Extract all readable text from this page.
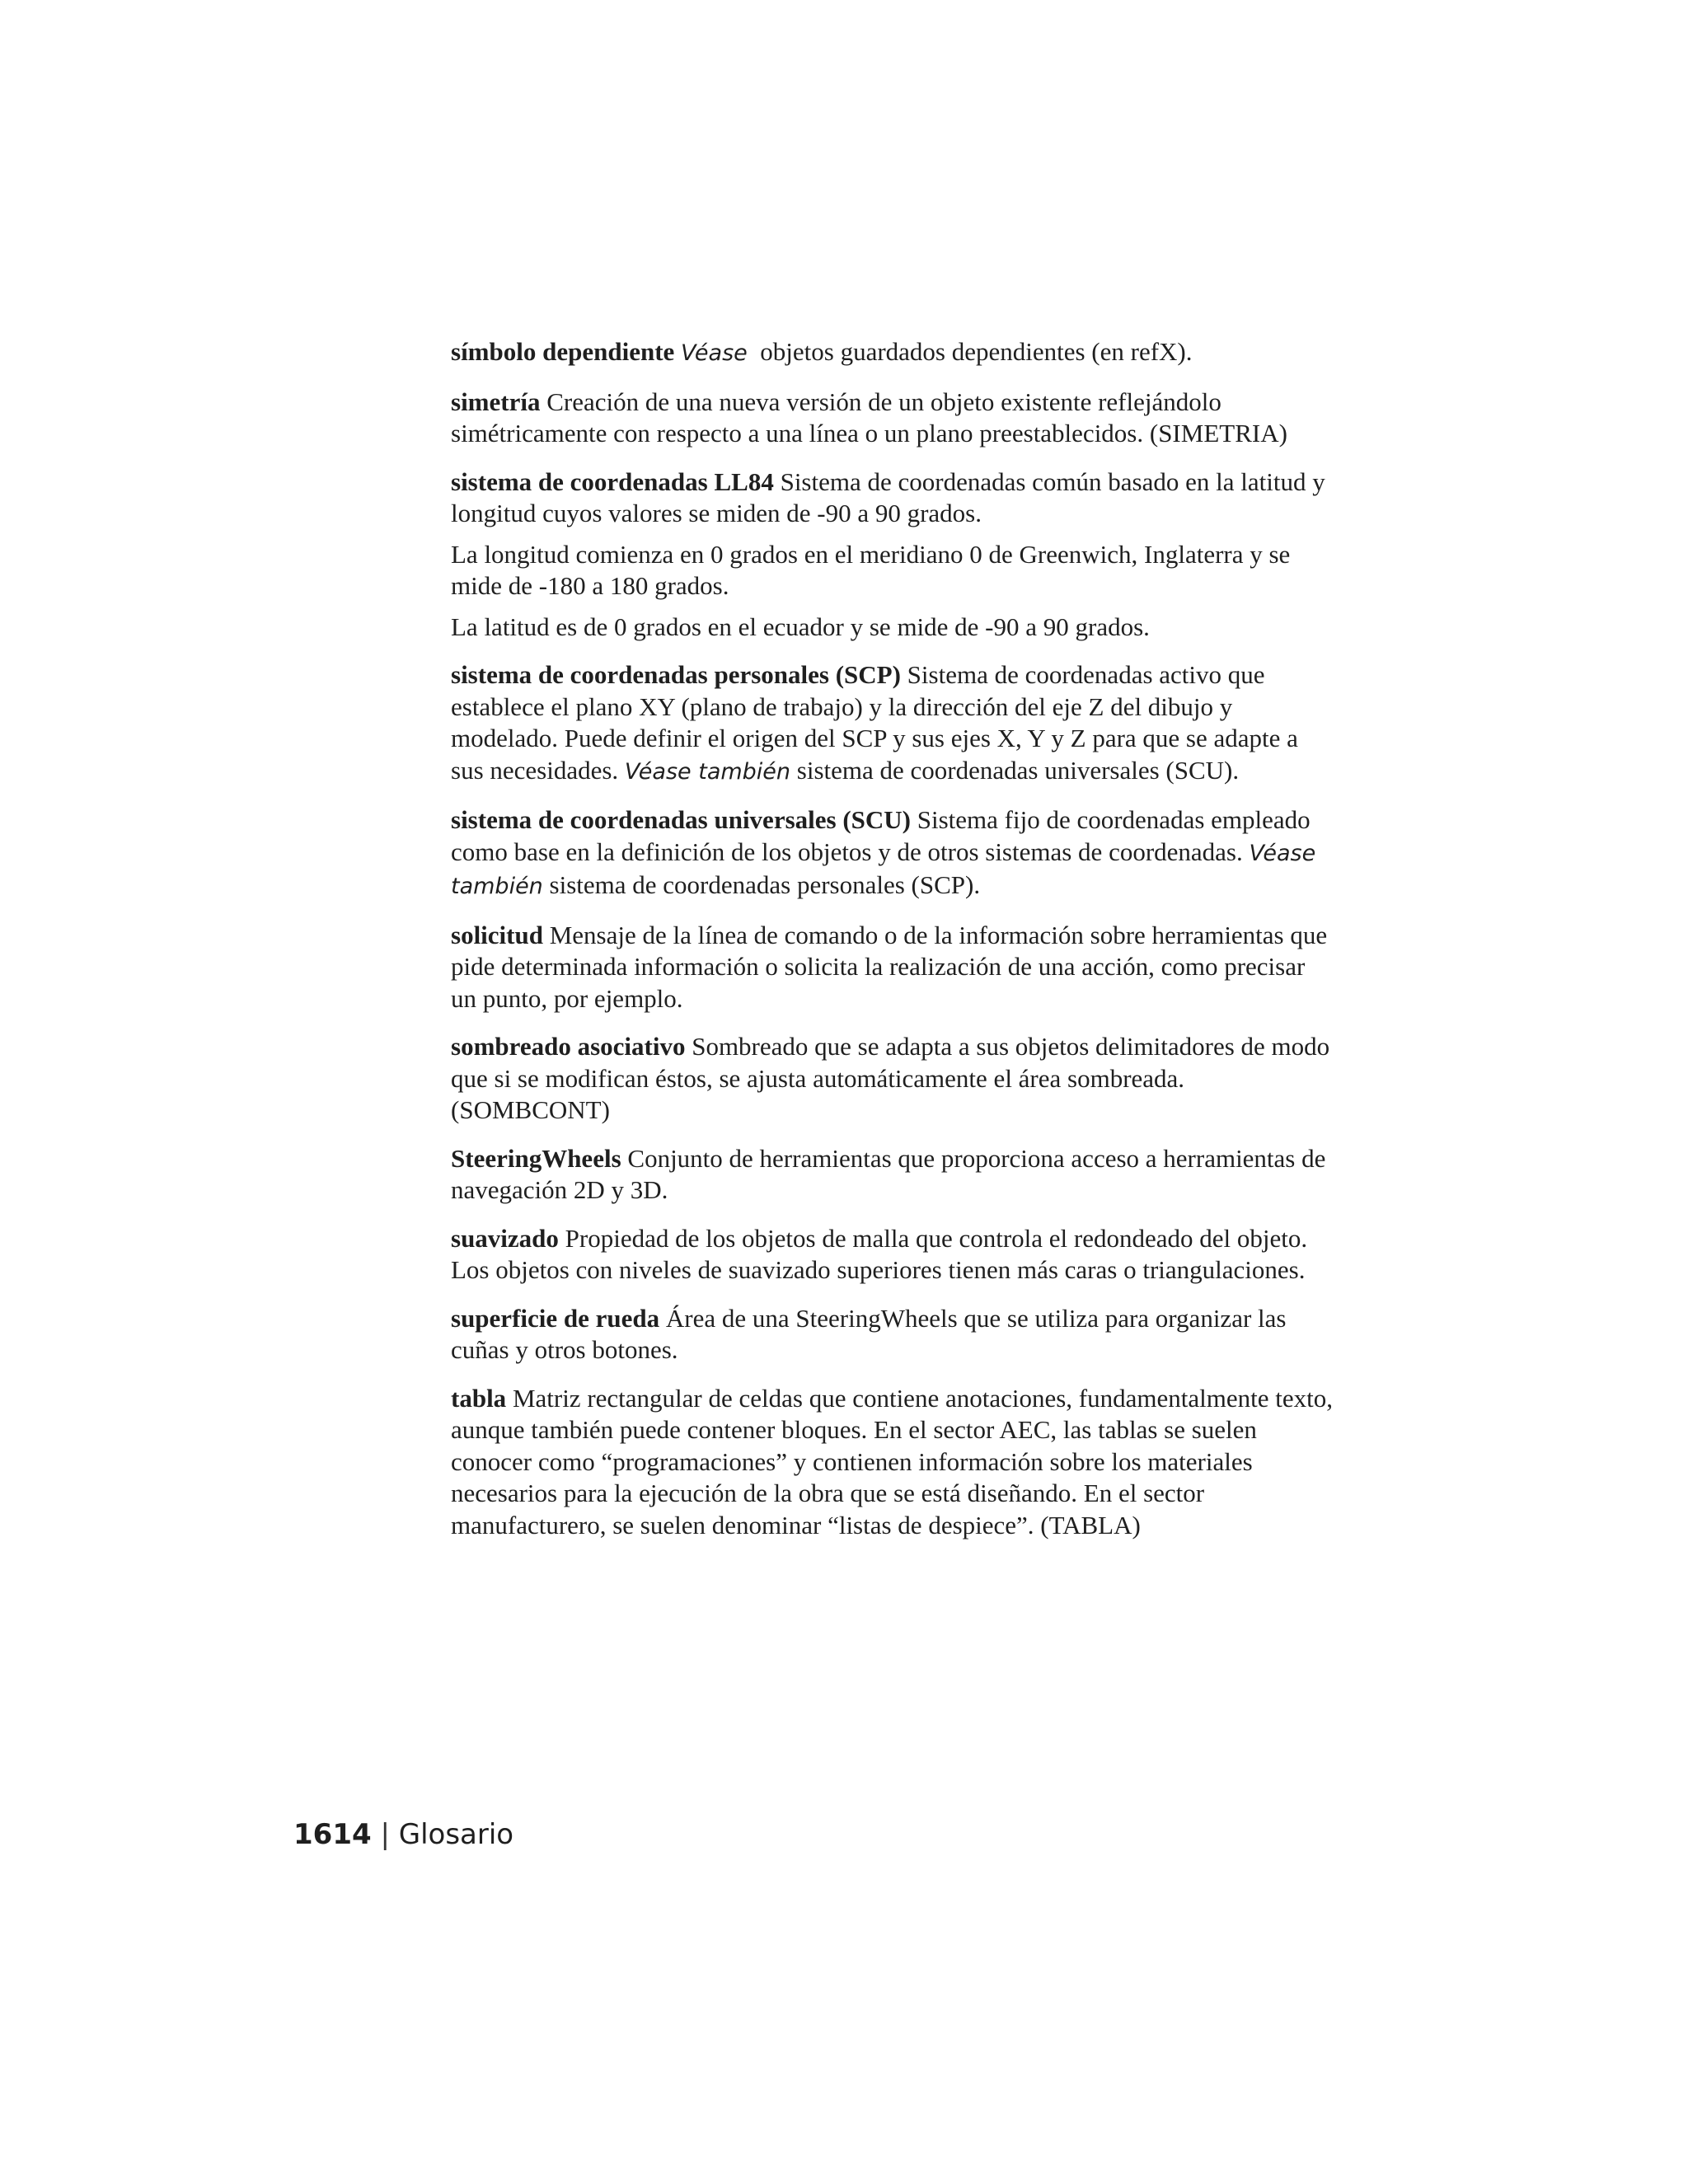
símbolo dependiente Véase objetos guardados dependientes (en refX).

simetría Creación de una nueva versión de un objeto existente reflejándolo simétricamente con respecto a una línea o un plano preestablecidos. (SIMETRIA)

sistema de coordenadas LL84 Sistema de coordenadas común basado en la latitud y longitud cuyos valores se miden de -90 a 90 grados.

La longitud comienza en 0 grados en el meridiano 0 de Greenwich, Inglaterra y se mide de -180 a 180 grados.

La latitud es de 0 grados en el ecuador y se mide de -90 a 90 grados.

sistema de coordenadas personales (SCP) Sistema de coordenadas activo que establece el plano XY (plano de trabajo) y la dirección del eje Z del dibujo y modelado. Puede definir el origen del SCP y sus ejes X, Y y Z para que se adapte a sus necesidades. Véase también sistema de coordenadas universales (SCU).

sistema de coordenadas universales (SCU) Sistema fijo de coordenadas empleado como base en la definición de los objetos y de otros sistemas de coordenadas. Véase también sistema de coordenadas personales (SCP).

solicitud Mensaje de la línea de comando o de la información sobre herramientas que pide determinada información o solicita la realización de una acción, como precisar un punto, por ejemplo.

sombreado asociativo Sombreado que se adapta a sus objetos delimitadores de modo que si se modifican éstos, se ajusta automáticamente el área sombreada. (SOMBCONT)

SteeringWheels Conjunto de herramientas que proporciona acceso a herramientas de navegación 2D y 3D.

suavizado Propiedad de los objetos de malla que controla el redondeado del objeto. Los objetos con niveles de suavizado superiores tienen más caras o triangulaciones.

superficie de rueda Área de una SteeringWheels que se utiliza para organizar las cuñas y otros botones.

tabla Matriz rectangular de celdas que contiene anotaciones, fundamentalmente texto, aunque también puede contener bloques. En el sector AEC, las tablas se suelen conocer como “programaciones” y contienen información sobre los materiales necesarios para la ejecución de la obra que se está diseñando. En el sector manufacturero, se suelen denominar “listas de despiece”. (TABLA)

1614 | Glosario
